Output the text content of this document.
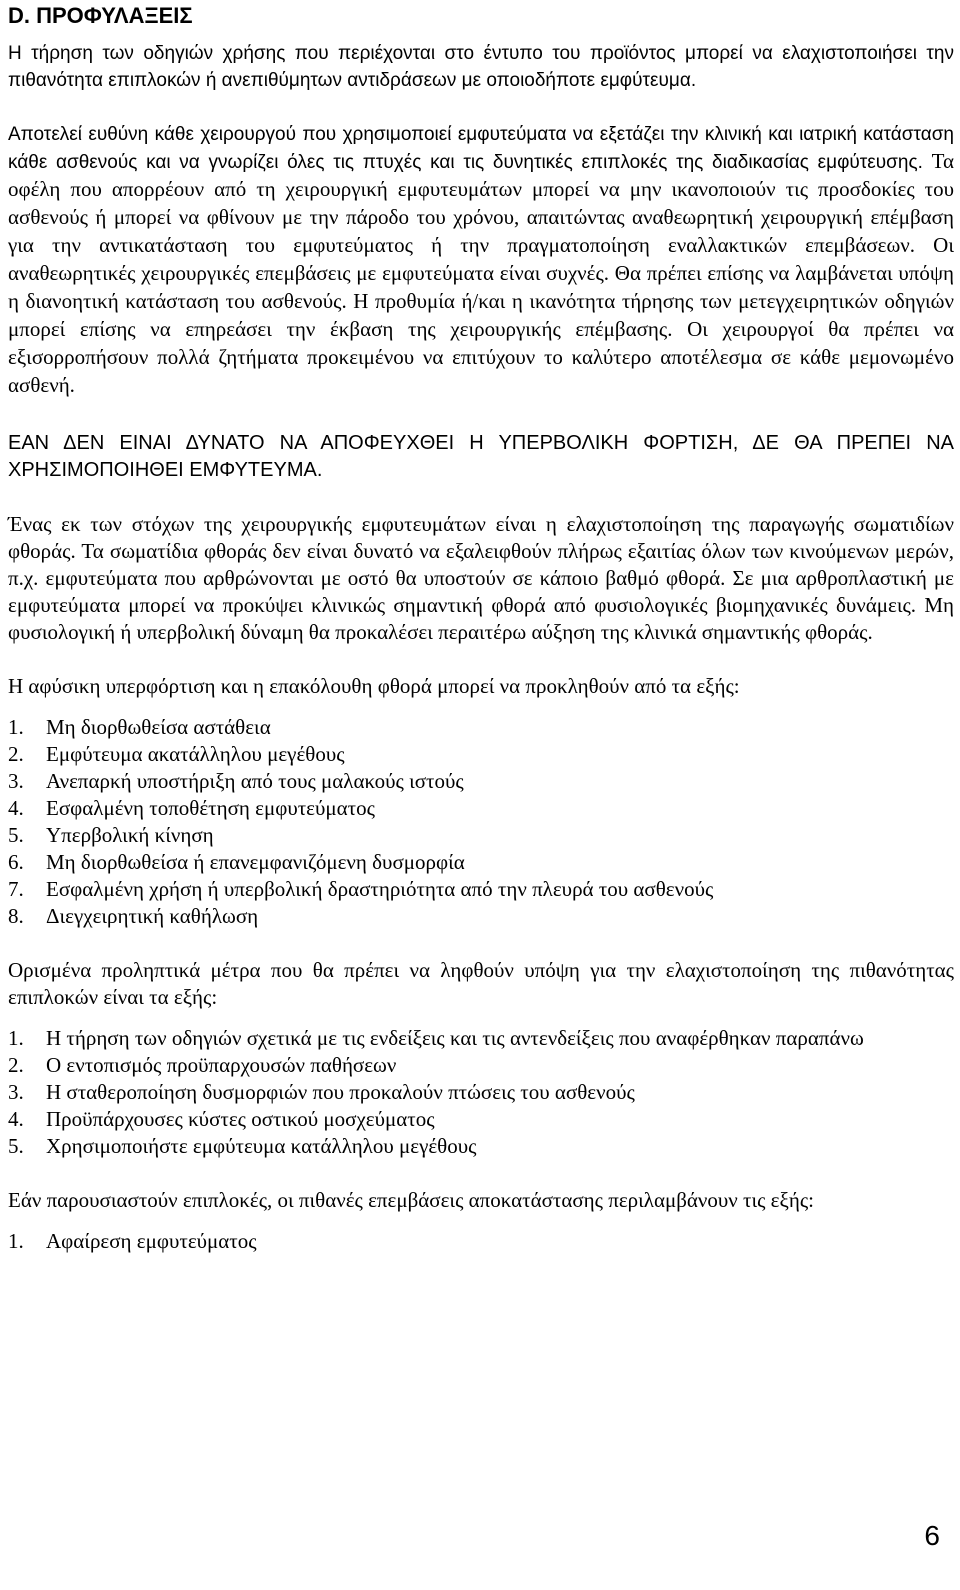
D. ΠΡΟΦΥΛΑΞΕΙΣ

Η τήρηση των οδηγιών χρήσης που περιέχονται στο έντυπο του προϊόντος μπορεί να ελαχιστοποιήσει την πιθανότητα επιπλοκών ή ανεπιθύμητων αντιδράσεων με οποιοδήποτε εμφύτευμα.

Αποτελεί ευθύνη κάθε χειρουργού που χρησιμοποιεί εμφυτεύματα να εξετάζει την κλινική και ιατρική κατάσταση κάθε ασθενούς και να γνωρίζει όλες τις πτυχές και τις δυνητικές επιπλοκές της διαδικασίας εμφύτευσης. Τα οφέλη που απορρέουν από τη χειρουργική εμφυτευμάτων μπορεί να μην ικανοποιούν τις προσδοκίες του ασθενούς ή μπορεί να φθίνουν με την πάροδο του χρόνου, απαιτώντας αναθεωρητική χειρουργική επέμβαση για την αντικατάσταση του εμφυτεύματος ή την πραγματοποίηση εναλλακτικών επεμβάσεων. Οι αναθεωρητικές χειρουργικές επεμβάσεις με εμφυτεύματα είναι συχνές. Θα πρέπει επίσης να λαμβάνεται υπόψη η διανοητική κατάσταση του ασθενούς. Η προθυμία ή/και η ικανότητα τήρησης των μετεγχειρητικών οδηγιών μπορεί επίσης να επηρεάσει την έκβαση της χειρουργικής επέμβασης. Οι χειρουργοί θα πρέπει να εξισορροπήσουν πολλά ζητήματα προκειμένου να επιτύχουν το καλύτερο αποτέλεσμα σε κάθε μεμονωμένο ασθενή.

ΕΑΝ ΔΕΝ ΕΙΝΑΙ ΔΥΝΑΤΟ ΝΑ ΑΠΟΦΕΥΧΘΕΙ Η ΥΠΕΡΒΟΛΙΚΗ ΦΟΡΤΙΣΗ, ΔΕ ΘΑ ΠΡΕΠΕΙ ΝΑ ΧΡΗΣΙΜΟΠΟΙΗΘΕΙ ΕΜΦΥΤΕΥΜΑ.

Ένας εκ των στόχων της χειρουργικής εμφυτευμάτων είναι η ελαχιστοποίηση της παραγωγής σωματιδίων φθοράς. Τα σωματίδια φθοράς δεν είναι δυνατό να εξαλειφθούν πλήρως εξαιτίας όλων των κινούμενων μερών, π.χ. εμφυτεύματα που αρθρώνονται με οστό θα υποστούν σε κάποιο βαθμό φθορά. Σε μια αρθροπλαστική με εμφυτεύματα μπορεί να προκύψει κλινικώς σημαντική φθορά από φυσιολογικές βιομηχανικές δυνάμεις. Μη φυσιολογική ή υπερβολική δύναμη θα προκαλέσει περαιτέρω αύξηση της κλινικά σημαντικής φθοράς.

Η αφύσικη υπερφόρτιση και η επακόλουθη φθορά μπορεί να προκληθούν από τα εξής:

1.	Μη διορθωθείσα αστάθεια
2.	Εμφύτευμα ακατάλληλου μεγέθους
3.	Ανεπαρκή υποστήριξη από τους μαλακούς ιστούς
4.	Εσφαλμένη τοποθέτηση εμφυτεύματος
5.	Υπερβολική κίνηση
6.	Μη διορθωθείσα ή επανεμφανιζόμενη δυσμορφία
7.	Εσφαλμένη χρήση ή υπερβολική δραστηριότητα από την πλευρά του ασθενούς
8.	Διεγχειρητική καθήλωση

Ορισμένα προληπτικά μέτρα που θα πρέπει να ληφθούν υπόψη για την ελαχιστοποίηση της πιθανότητας επιπλοκών είναι τα εξής:

1.	Η τήρηση των οδηγιών σχετικά με τις ενδείξεις και τις αντενδείξεις που αναφέρθηκαν παραπάνω
2.	Ο εντοπισμός προϋπαρχουσών παθήσεων
3.	Η σταθεροποίηση δυσμορφιών που προκαλούν πτώσεις του ασθενούς
4.	Προϋπάρχουσες κύστες οστικού μοσχεύματος
5.	Χρησιμοποιήστε εμφύτευμα κατάλληλου μεγέθους

Εάν παρουσιαστούν επιπλοκές, οι πιθανές επεμβάσεις αποκατάστασης περιλαμβάνουν τις εξής:

1.	Αφαίρεση εμφυτεύματος
6
